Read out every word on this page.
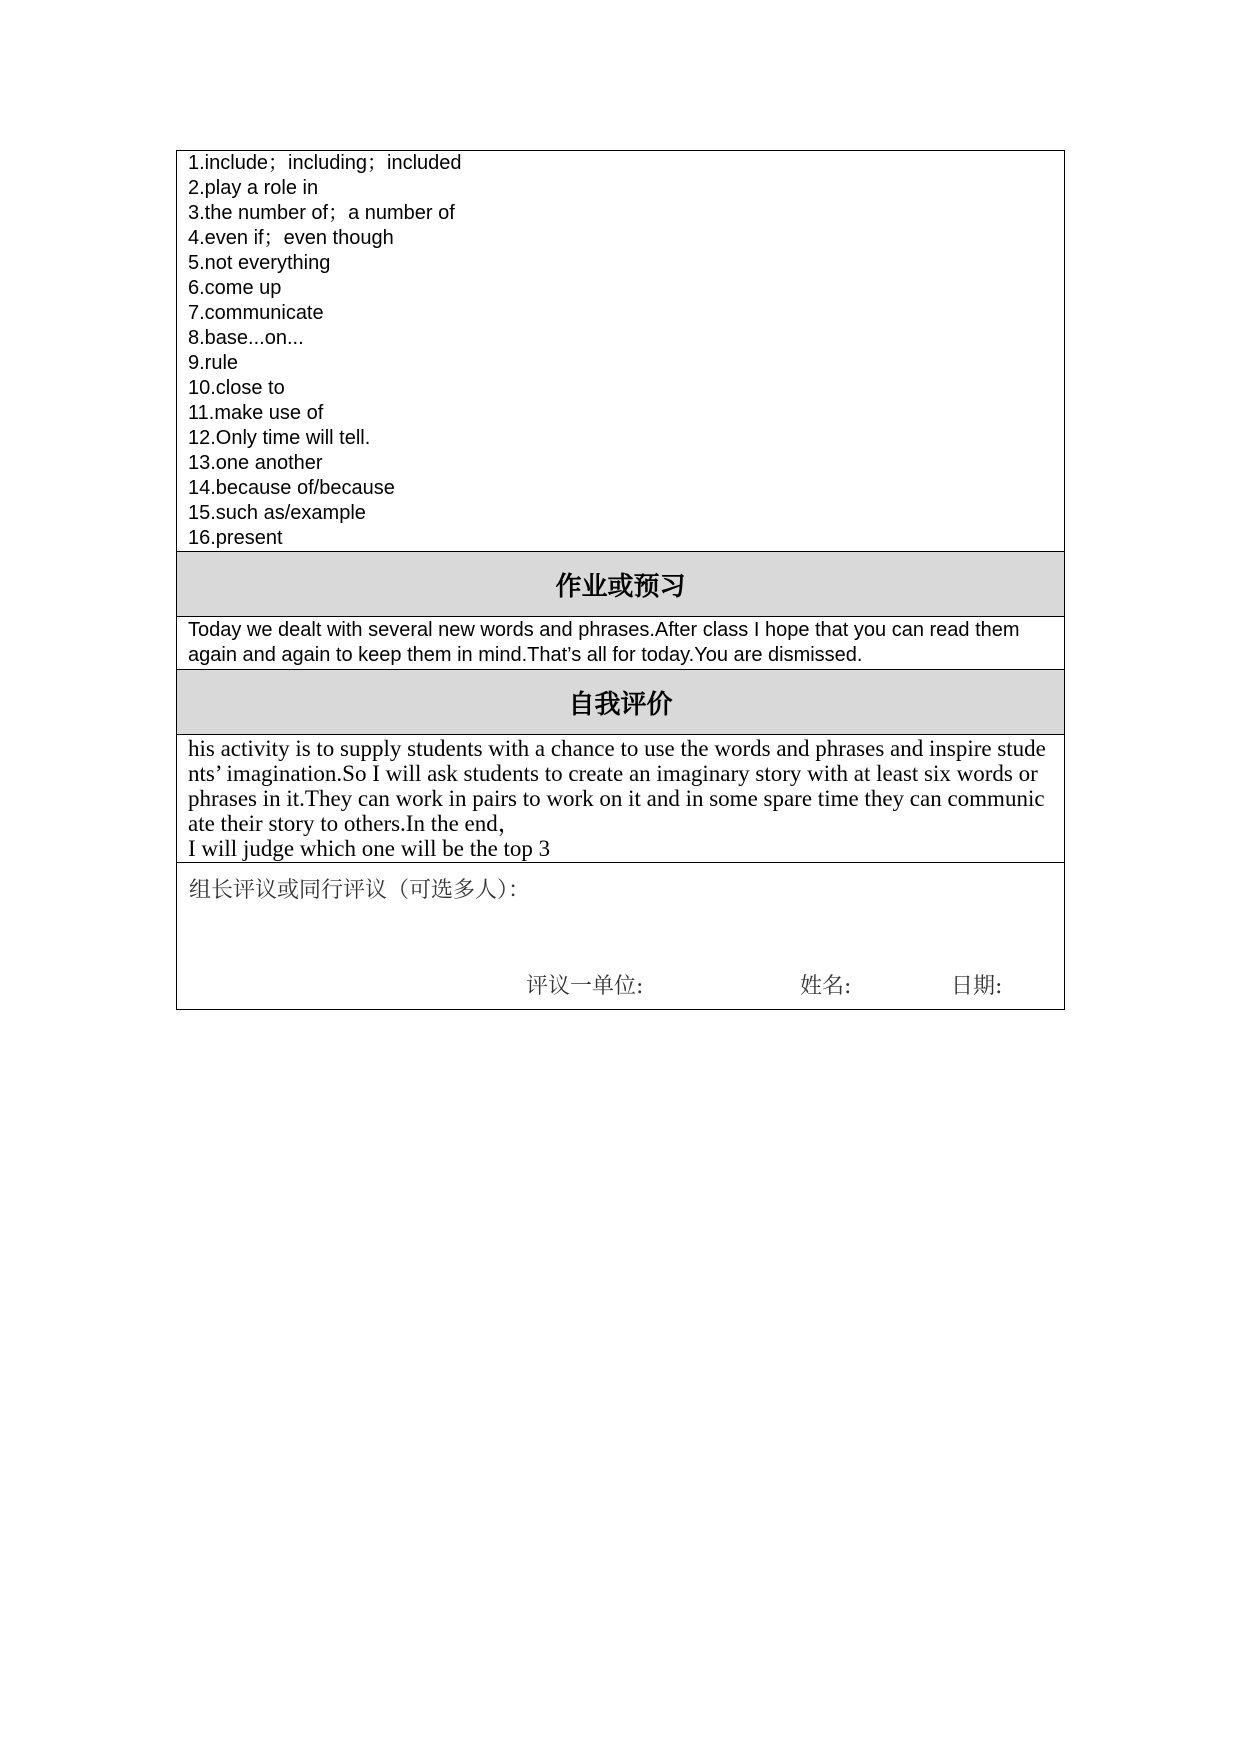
1.include；including；included
2.play a role in
3.the number of；a number of
4.even if；even though
5.not everything
6.come up
7.communicate
8.base...on...
9.rule
10.close to
11.make use of
12.Only time will tell.
13.one another
14.because of/because
15.such as/example
16.present
作业或预习
Today we dealt with several new words and phrases.After class I hope that you can read them again and again to keep them in mind.That’s all for today.You are dismissed.
自我评价
his activity is to supply students with a chance to use the words and phrases and inspire students’ imagination.So I will ask students to create an imaginary story with at least six words or phrases in it.They can work in pairs to work on it and in some spare time they can communicate their story to others.In the end，
I will judge which one will be the top 3
组长评议或同行评议（可选多人）：
评议一单位:	姓名:	日期:
